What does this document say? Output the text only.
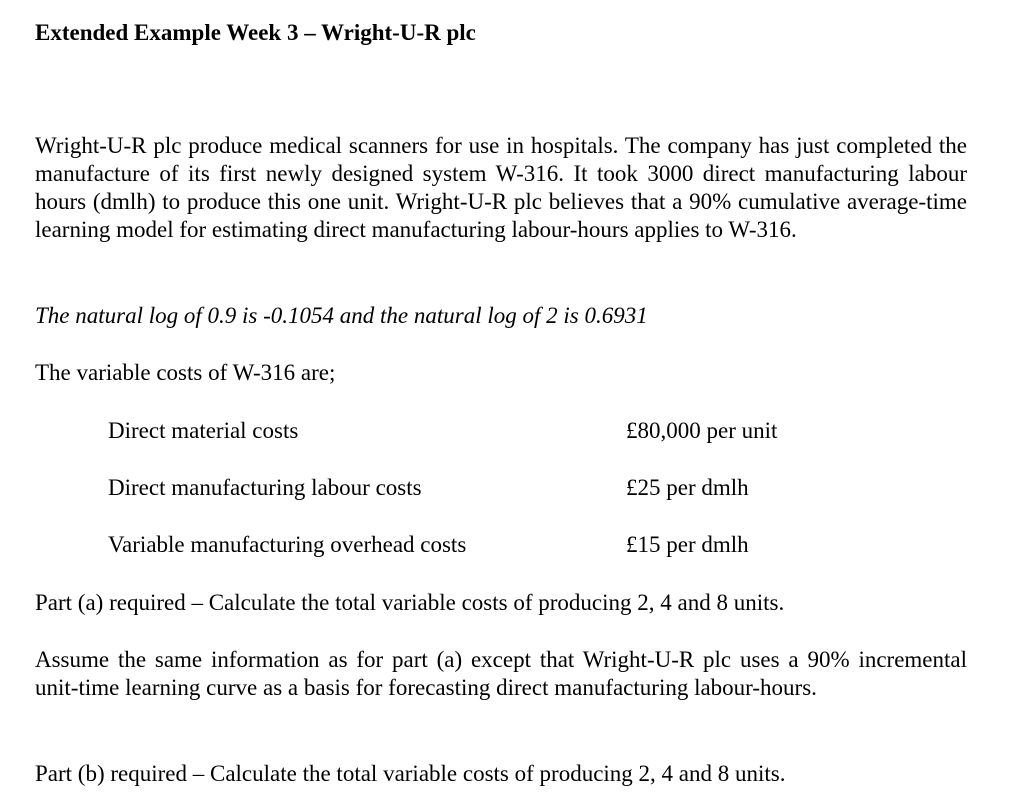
Extended Example Week 3 – Wright-U-R plc

Wright-U-R plc produce medical scanners for use in hospitals. The company has just completed the manufacture of its first newly designed system W-316. It took 3000 direct manufacturing labour hours (dmlh) to produce this one unit. Wright-U-R plc believes that a 90% cumulative average-time learning model for estimating direct manufacturing labour-hours applies to W-316.

The natural log of 0.9 is -0.1054 and the natural log of 2 is 0.6931

The variable costs of W-316 are;

Direct material costs	£80,000 per unit
Direct manufacturing labour costs	£25 per dmlh
Variable manufacturing overhead costs	£15 per dmlh

Part (a) required – Calculate the total variable costs of producing 2, 4 and 8 units.

Assume the same information as for part (a) except that Wright-U-R plc uses a 90% incremental unit-time learning curve as a basis for forecasting direct manufacturing labour-hours.

Part (b) required – Calculate the total variable costs of producing 2, 4 and 8 units.
